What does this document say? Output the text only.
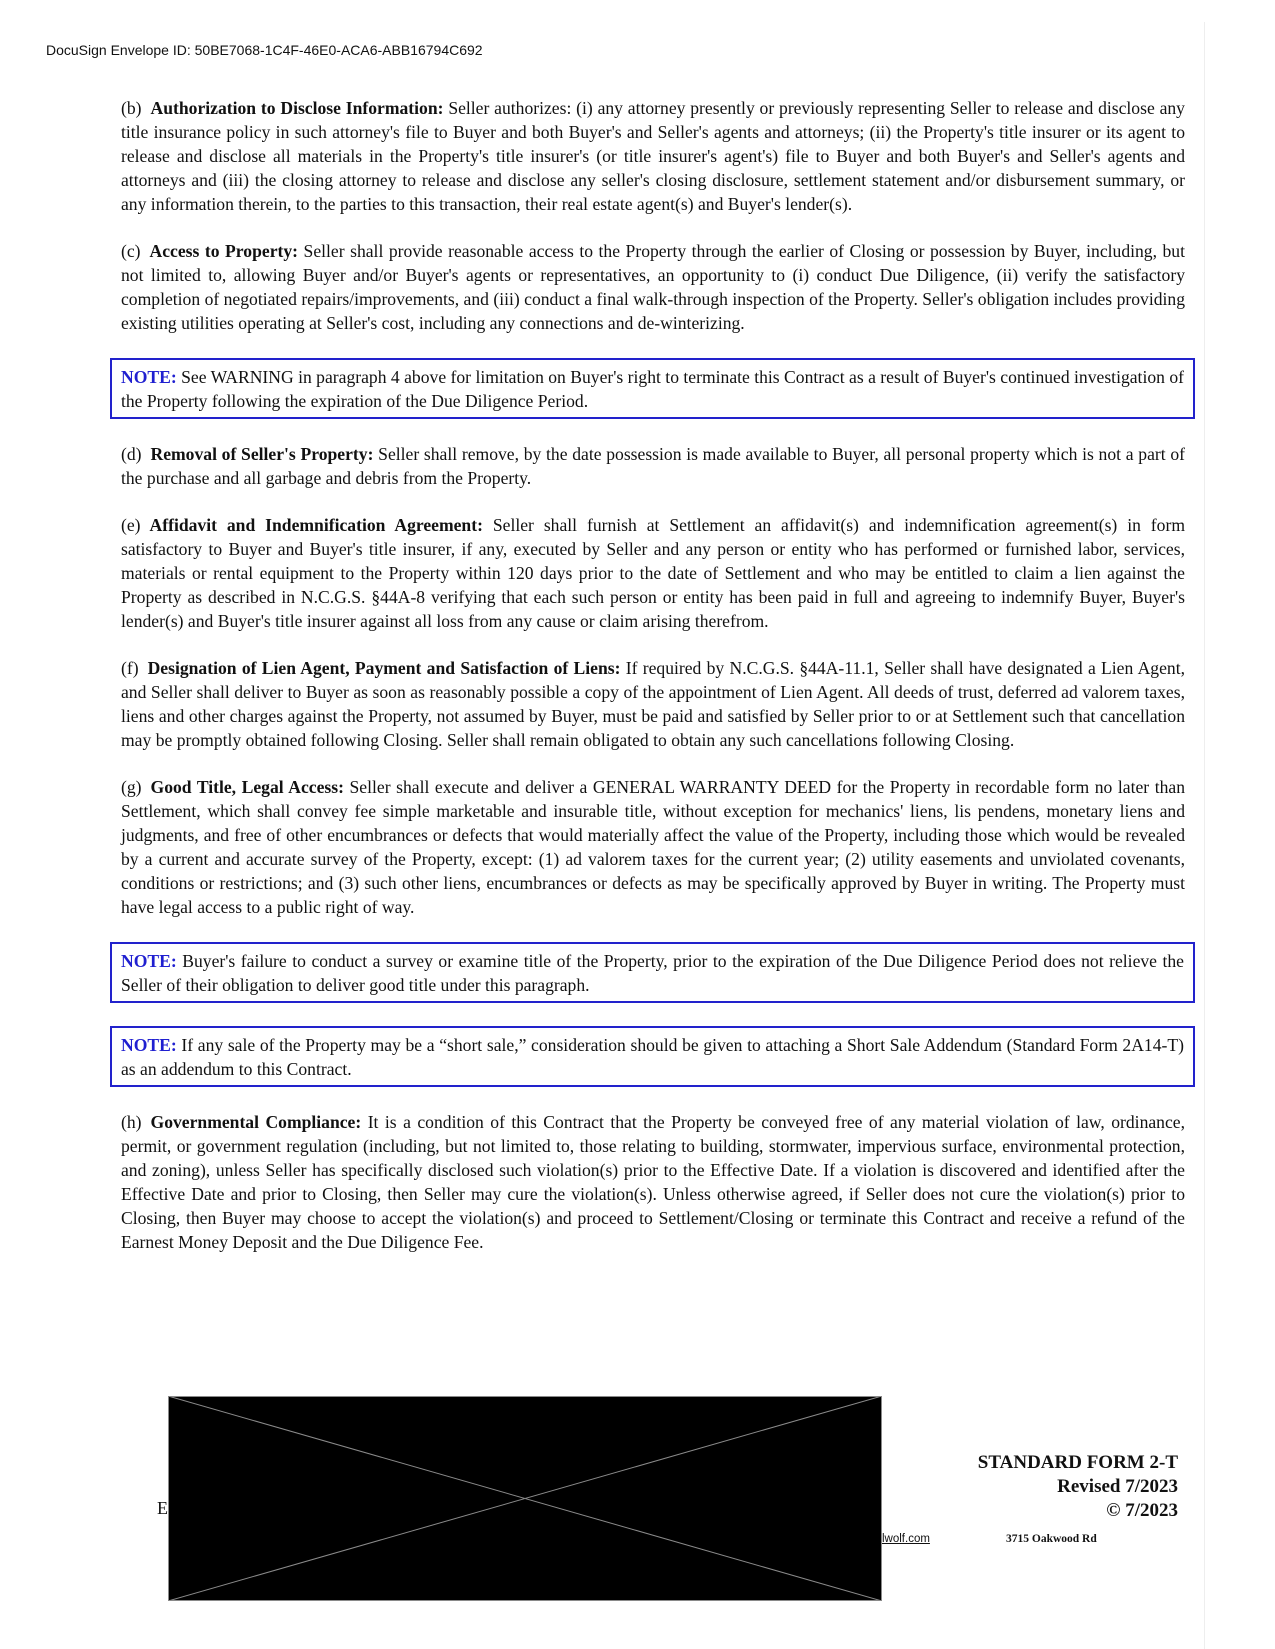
DocuSign Envelope ID: 50BE7068-1C4F-46E0-ACA6-ABB16794C692

(b) Authorization to Disclose Information: Seller authorizes: (i) any attorney presently or previously representing Seller to release and disclose any title insurance policy in such attorney's file to Buyer and both Buyer's and Seller's agents and attorneys; (ii) the Property's title insurer or its agent to release and disclose all materials in the Property's title insurer's (or title insurer's agent's) file to Buyer and both Buyer's and Seller's agents and attorneys and (iii) the closing attorney to release and disclose any seller's closing disclosure, settlement statement and/or disbursement summary, or any information therein, to the parties to this transaction, their real estate agent(s) and Buyer's lender(s).

(c) Access to Property: Seller shall provide reasonable access to the Property through the earlier of Closing or possession by Buyer, including, but not limited to, allowing Buyer and/or Buyer's agents or representatives, an opportunity to (i) conduct Due Diligence, (ii) verify the satisfactory completion of negotiated repairs/improvements, and (iii) conduct a final walk-through inspection of the Property. Seller's obligation includes providing existing utilities operating at Seller's cost, including any connections and de-winterizing.

NOTE: See WARNING in paragraph 4 above for limitation on Buyer's right to terminate this Contract as a result of Buyer's continued investigation of the Property following the expiration of the Due Diligence Period.

(d) Removal of Seller's Property: Seller shall remove, by the date possession is made available to Buyer, all personal property which is not a part of the purchase and all garbage and debris from the Property.

(e) Affidavit and Indemnification Agreement: Seller shall furnish at Settlement an affidavit(s) and indemnification agreement(s) in form satisfactory to Buyer and Buyer's title insurer, if any, executed by Seller and any person or entity who has performed or furnished labor, services, materials or rental equipment to the Property within 120 days prior to the date of Settlement and who may be entitled to claim a lien against the Property as described in N.C.G.S. §44A-8 verifying that each such person or entity has been paid in full and agreeing to indemnify Buyer, Buyer's lender(s) and Buyer's title insurer against all loss from any cause or claim arising therefrom.

(f) Designation of Lien Agent, Payment and Satisfaction of Liens: If required by N.C.G.S. §44A-11.1, Seller shall have designated a Lien Agent, and Seller shall deliver to Buyer as soon as reasonably possible a copy of the appointment of Lien Agent. All deeds of trust, deferred ad valorem taxes, liens and other charges against the Property, not assumed by Buyer, must be paid and satisfied by Seller prior to or at Settlement such that cancellation may be promptly obtained following Closing. Seller shall remain obligated to obtain any such cancellations following Closing.

(g) Good Title, Legal Access: Seller shall execute and deliver a GENERAL WARRANTY DEED for the Property in recordable form no later than Settlement, which shall convey fee simple marketable and insurable title, without exception for mechanics' liens, lis pendens, monetary liens and judgments, and free of other encumbrances or defects that would materially affect the value of the Property, including those which would be revealed by a current and accurate survey of the Property, except: (1) ad valorem taxes for the current year; (2) utility easements and unviolated covenants, conditions or restrictions; and (3) such other liens, encumbrances or defects as may be specifically approved by Buyer in writing. The Property must have legal access to a public right of way.

NOTE: Buyer's failure to conduct a survey or examine title of the Property, prior to the expiration of the Due Diligence Period does not relieve the Seller of their obligation to deliver good title under this paragraph.
NOTE: If any sale of the Property may be a “short sale,” consideration should be given to attaching a Short Sale Addendum (Standard Form 2A14-T) as an addendum to this Contract.

(h) Governmental Compliance: It is a condition of this Contract that the Property be conveyed free of any material violation of law, ordinance, permit, or government regulation (including, but not limited to, those relating to building, stormwater, impervious surface, environmental protection, and zoning), unless Seller has specifically disclosed such violation(s) prior to the Effective Date. If a violation is discovered and identified after the Effective Date and prior to Closing, then Seller may cure the violation(s). Unless otherwise agreed, if Seller does not cure the violation(s) prior to Closing, then Buyer may choose to accept the violation(s) and proceed to Settlement/Closing or terminate this Contract and receive a refund of the Earnest Money Deposit and the Due Diligence Fee.

E
lwolf.com	3715 Oakwood Rd
STANDARD FORM 2-T
Revised 7/2023
© 7/2023
